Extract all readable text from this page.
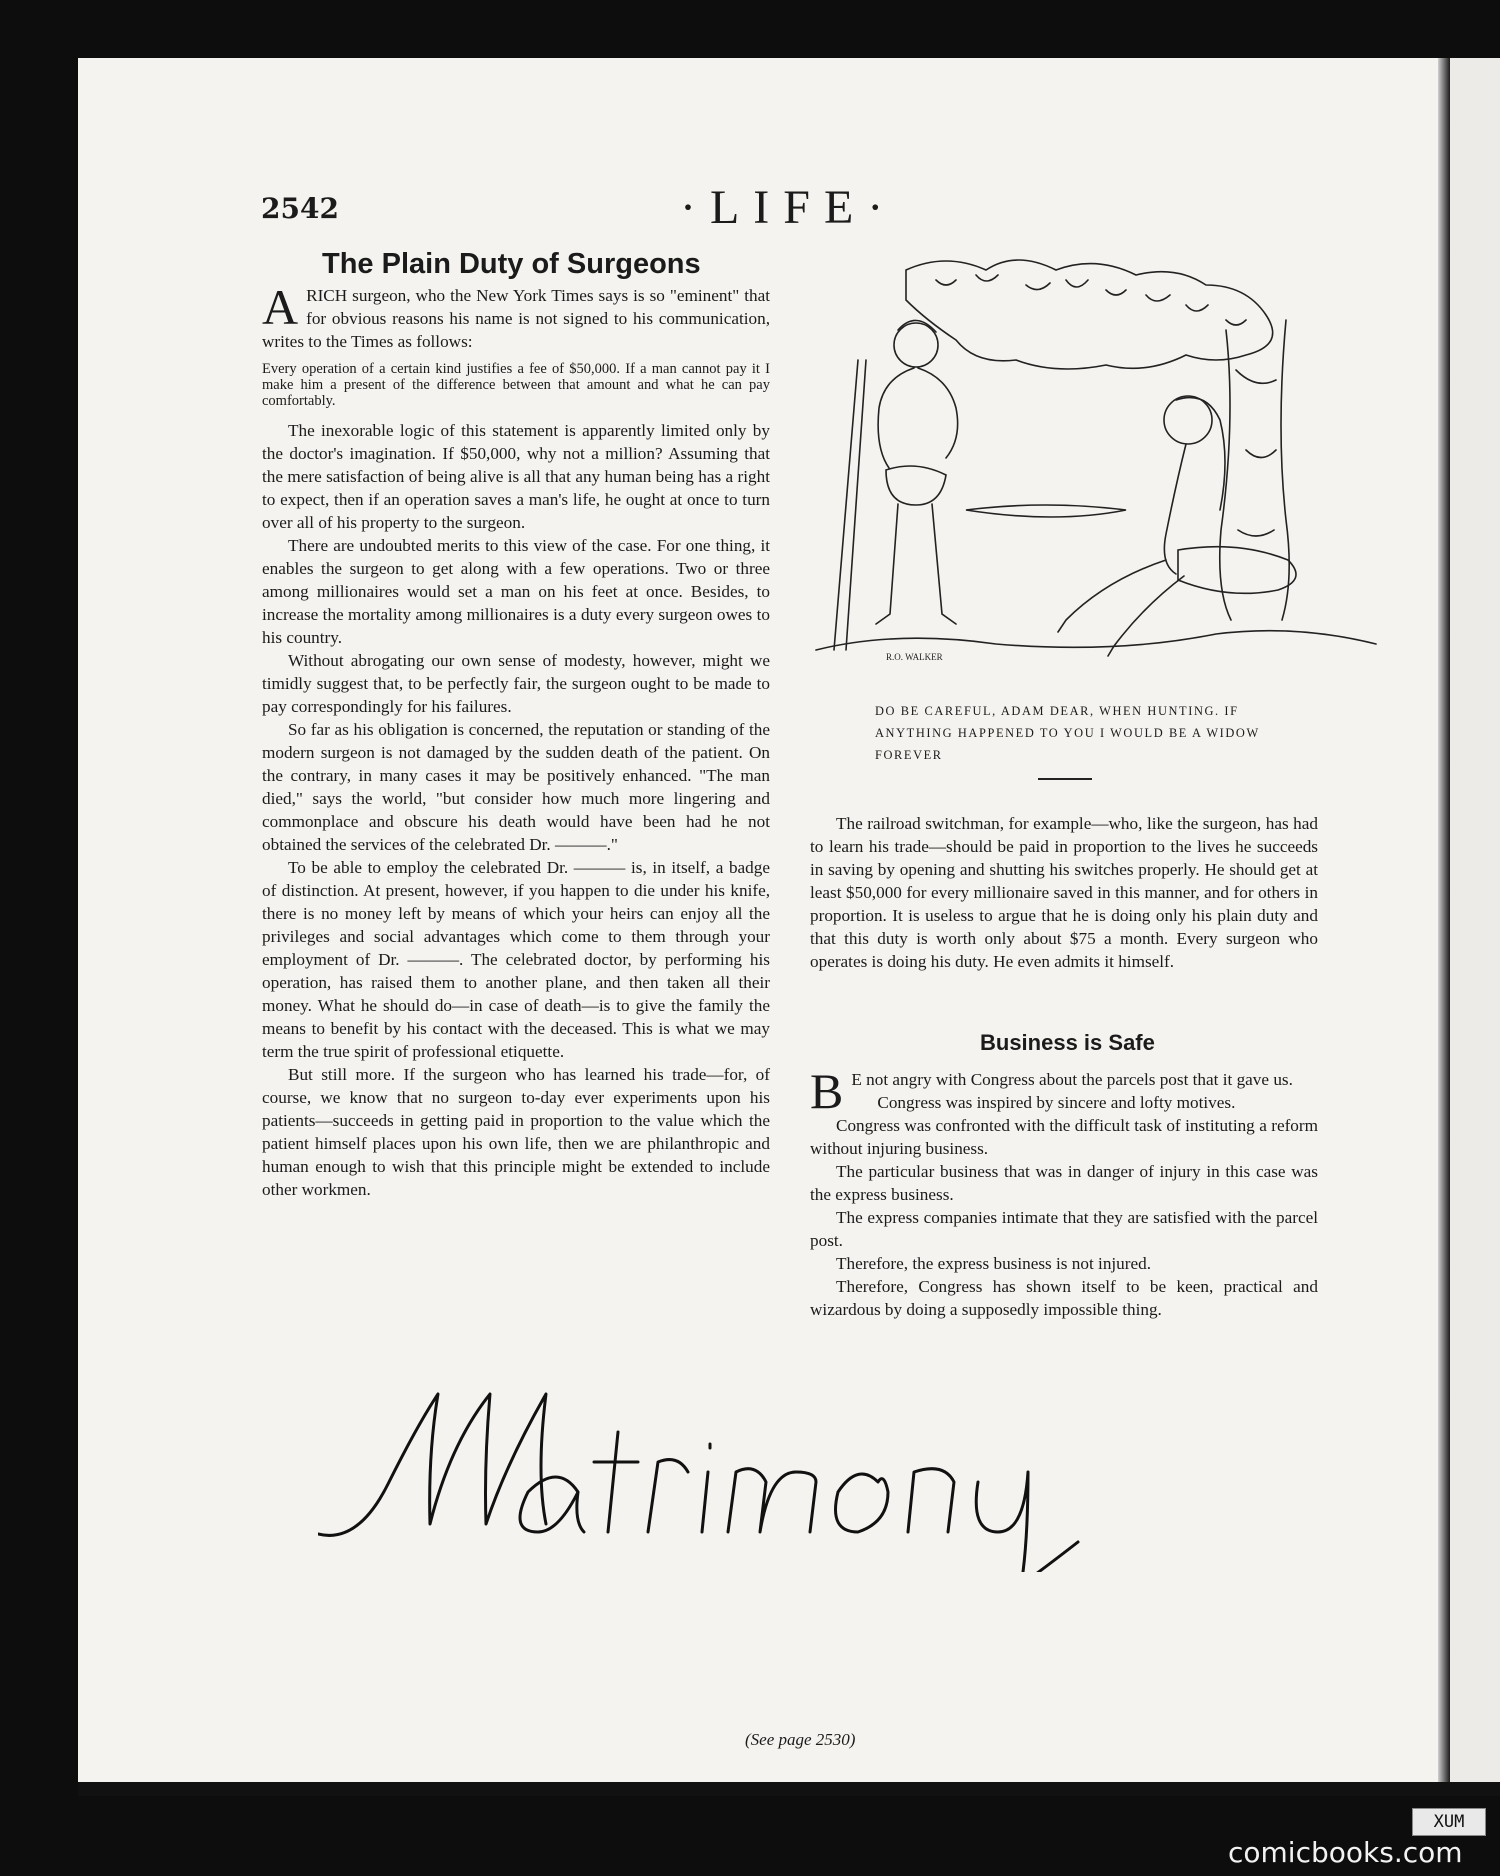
2542	·LIFE·
The Plain Duty of Surgeons
A RICH surgeon, who the New York Times says is so "eminent" that for obvious reasons his name is not signed to his communication, writes to the Times as follows:

Every operation of a certain kind justifies a fee of $50,000. If a man cannot pay it I make him a present of the difference between that amount and what he can pay comfortably.

The inexorable logic of this statement is apparently limited only by the doctor's imagination. If $50,000, why not a million? Assuming that the mere satisfaction of being alive is all that any human being has a right to expect, then if an operation saves a man's life, he ought at once to turn over all of his property to the surgeon.

There are undoubted merits to this view of the case. For one thing, it enables the surgeon to get along with a few operations. Two or three among millionaires would set a man on his feet at once. Besides, to increase the mortality among millionaires is a duty every surgeon owes to his country.

Without abrogating our own sense of modesty, however, might we timidly suggest that, to be perfectly fair, the surgeon ought to be made to pay correspondingly for his failures.

So far as his obligation is concerned, the reputation or standing of the modern surgeon is not damaged by the sudden death of the patient. On the contrary, in many cases it may be positively enhanced. "The man died," says the world, "but consider how much more lingering and commonplace and obscure his death would have been had he not obtained the services of the celebrated Dr. ———."

To be able to employ the celebrated Dr. ——— is, in itself, a badge of distinction. At present, however, if you happen to die under his knife, there is no money left by means of which your heirs can enjoy all the privileges and social advantages which come to them through your employment of Dr. ———. The celebrated doctor, by performing his operation, has raised them to another plane, and then taken all their money. What he should do—in case of death—is to give the family the means to benefit by his contact with the deceased. This is what we may term the true spirit of professional etiquette.

But still more. If the surgeon who has learned his trade—for, of course, we know that no surgeon to-day ever experiments upon his patients—succeeds in getting paid in proportion to the value which the patient himself places upon his own life, then we are philanthropic and human enough to wish that this principle might be extended to include other workmen.

R.O. WALKER
DO BE CAREFUL, ADAM DEAR, WHEN HUNTING. IF ANYTHING HAPPENED TO YOU I WOULD BE A WIDOW FOREVER

The railroad switchman, for example—who, like the surgeon, has had to learn his trade—should be paid in proportion to the lives he succeeds in saving by opening and shutting his switches properly. He should get at least $50,000 for every millionaire saved in this manner, and for others in proportion. It is useless to argue that he is doing only his plain duty and that this duty is worth only about $75 a month. Every surgeon who operates is doing his duty. He even admits it himself.

Business is Safe
B E not angry with Congress about the parcels post that it gave us.

Congress was inspired by sincere and lofty motives.

Congress was confronted with the difficult task of instituting a reform without injuring business.

The particular business that was in danger of injury in this case was the express business.

The express companies intimate that they are satisfied with the parcel post.

Therefore, the express business is not injured.

Therefore, Congress has shown itself to be keen, practical and wizardous by doing a supposedly impossible thing.

(See page 2530)
XUM
comicbooks.com
